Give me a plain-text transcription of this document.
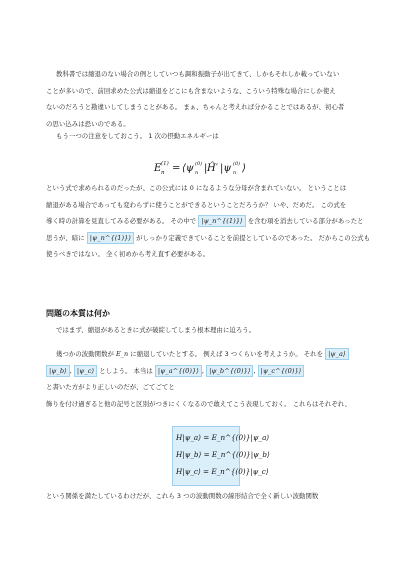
教科書では縮退のない場合の例としていつも調和振動子が出てきて、しかもそれしか載っていない
ことが多いので、前回求めた公式は縮退をどこにも含まないような、こういう特殊な場合にしか使え
ないのだろうと勘違いしてしまうことがある。 まぁ、ちゃんと考えれば分かることではあるが、初心者
の思い込みは恐いのである。
もう一つの注意をしておこう。 1 次の摂動エネルギーは
E (1)
n = ⟨ψ (0)
n | Ĥ′ |ψ (0)
n ⟩
という式で求められるのだったが、この公式には 0 になるような分母が含まれていない。 ということは
縮退がある場合であっても変わらずに使うことができるということだろうか？ いや、だめだ。 この式を
導く時の計算を見直してみる必要がある。 その中で |ψ_n^{(1)}⟩ を含む項を消去している部分があったと
思うが、暗に |ψ_n^{(1)}⟩ がしっかり定義できていることを前提としているのであった。 だからこの公式も
使うべきではない。 全く初めから考え直す必要がある。
問題の本質は何か
ではまず、縮退があるときに式が破綻してしまう根本理由に迫ろう。
幾つかの波動関数が E_n に縮退していたとする。 例えば 3 つくらいを考えようか。 それを |ψ_a⟩
|ψ_b⟩ , |ψ_c⟩ としよう。 本当は |ψ_a^{(0)}⟩ , |ψ_b^{(0)}⟩ , |ψ_c^{(0)}⟩
と書いた方がより正しいのだが、ごてごてと
飾りを付け過ぎると他の記号と区別がつきにくくなるので敢えてこう表現しておく。 これらはそれぞれ、
H|ψ_a⟩ = E_n^{(0)}|ψ_a⟩
H|ψ_b⟩ = E_n^{(0)}|ψ_b⟩
H|ψ_c⟩ = E_n^{(0)}|ψ_c⟩
という関係を満たしているわけだが、これら 3 つの波動関数の線形結合で全く新しい波動関数
